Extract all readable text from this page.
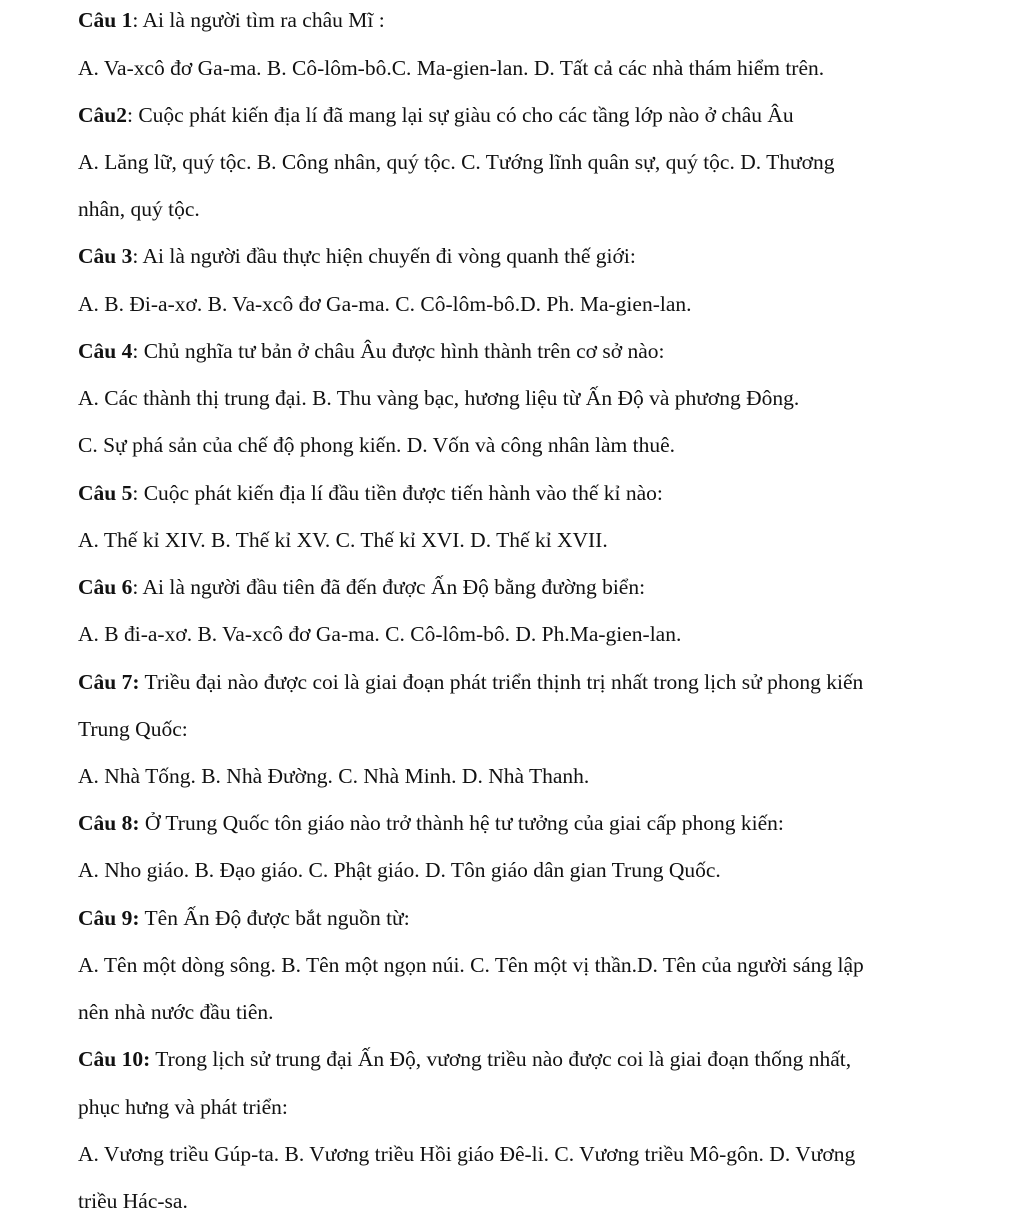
Câu 1: Ai là người tìm ra châu Mĩ :
A. Va-xcô đơ Ga-ma. B. Cô-lôm-bô.C. Ma-gien-lan. D. Tất cả các nhà thám hiểm trên.
Câu2: Cuộc phát kiến địa lí đã mang lại sự giàu có cho các tầng lớp nào ở châu Âu
A. Lăng lữ, quý tộc. B. Công nhân, quý tộc. C. Tướng lĩnh quân sự, quý tộc. D. Thương
nhân, quý tộc.
Câu 3: Ai là người đầu thực hiện chuyến đi vòng quanh thế giới:
A. B. Đi-a-xơ. B. Va-xcô đơ Ga-ma. C. Cô-lôm-bô.D. Ph. Ma-gien-lan.
Câu 4: Chủ nghĩa tư bản ở châu Âu được hình thành trên cơ sở nào:
A. Các thành thị trung đại. B. Thu vàng bạc, hương liệu từ Ấn Độ và phương Đông.
C. Sự phá sản của chế độ phong kiến. D. Vốn và công nhân làm thuê.
Câu 5: Cuộc phát kiến địa lí đầu tiền được tiến hành vào thế kỉ nào:
A. Thế kỉ XIV. B. Thế kỉ XV. C. Thế kỉ XVI. D. Thế kỉ XVII.
Câu 6: Ai là người đầu tiên đã đến được Ấn Độ bằng đường biển:
A. B đi-a-xơ. B. Va-xcô đơ Ga-ma. C. Cô-lôm-bô. D. Ph.Ma-gien-lan.
Câu 7: Triều đại nào được coi là giai đoạn phát triển thịnh trị nhất trong lịch sử phong kiến
Trung Quốc:
A. Nhà Tống. B. Nhà Đường. C. Nhà Minh. D. Nhà Thanh.
Câu 8: Ở Trung Quốc tôn giáo nào trở thành hệ tư tưởng của giai cấp phong kiến:
A. Nho giáo. B. Đạo giáo. C. Phật giáo. D. Tôn giáo dân gian Trung Quốc.
Câu 9: Tên Ấn Độ được bắt nguồn từ:
A. Tên một dòng sông. B. Tên một ngọn núi. C. Tên một vị thần.D. Tên của người sáng lập
nên nhà nước đầu tiên.
Câu 10: Trong lịch sử trung đại Ấn Độ, vương triều nào được coi là giai đoạn thống nhất,
phục hưng và phát triển:
A. Vương triều Gúp-ta. B. Vương triều Hồi giáo Đê-li. C. Vương triều Mô-gôn. D. Vương
triều Hác-sa.
